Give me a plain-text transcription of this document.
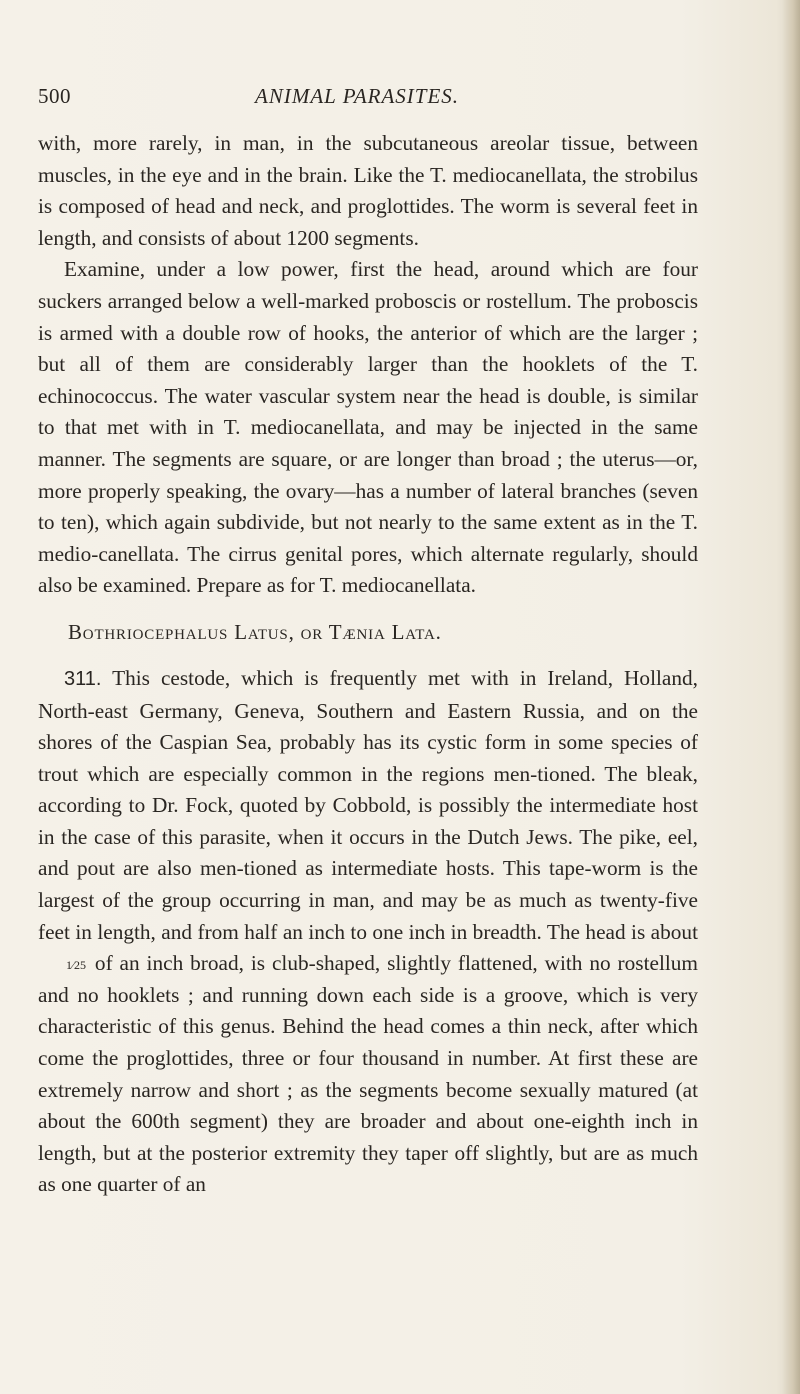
500	ANIMAL PARASITES.

with, more rarely, in man, in the subcutaneous areolar tissue, between muscles, in the eye and in the brain. Like the T. mediocanellata, the strobilus is composed of head and neck, and proglottides. The worm is several feet in length, and consists of about 1200 segments.

Examine, under a low power, first the head, around which are four suckers arranged below a well-marked proboscis or rostellum. The proboscis is armed with a double row of hooks, the anterior of which are the larger ; but all of them are considerably larger than the hooklets of the T. echinococcus. The water vascular system near the head is double, is similar to that met with in T. mediocanellata, and may be injected in the same manner. The segments are square, or are longer than broad ; the uterus—or, more properly speaking, the ovary—has a number of lateral branches (seven to ten), which again subdivide, but not nearly to the same extent as in the T. medio-canellata. The cirrus genital pores, which alternate regularly, should also be examined. Prepare as for T. mediocanellata.

Bothriocephalus Latus, or Tænia Lata.

311. This cestode, which is frequently met with in Ireland, Holland, North-east Germany, Geneva, Southern and Eastern Russia, and on the shores of the Caspian Sea, probably has its cystic form in some species of trout which are especially common in the regions men-tioned. The bleak, according to Dr. Fock, quoted by Cobbold, is possibly the intermediate host in the case of this parasite, when it occurs in the Dutch Jews. The pike, eel, and pout are also men-tioned as intermediate hosts. This tape-worm is the largest of the group occurring in man, and may be as much as twenty-five feet in length, and from half an inch to one inch in breadth. The head is about 1⁄25 of an inch broad, is club-shaped, slightly flattened, with no rostellum and no hooklets ; and running down each side is a groove, which is very characteristic of this genus. Behind the head comes a thin neck, after which come the proglottides, three or four thousand in number. At first these are extremely narrow and short ; as the segments become sexually matured (at about the 600th segment) they are broader and about one-eighth inch in length, but at the posterior extremity they taper off slightly, but are as much as one quarter of an
